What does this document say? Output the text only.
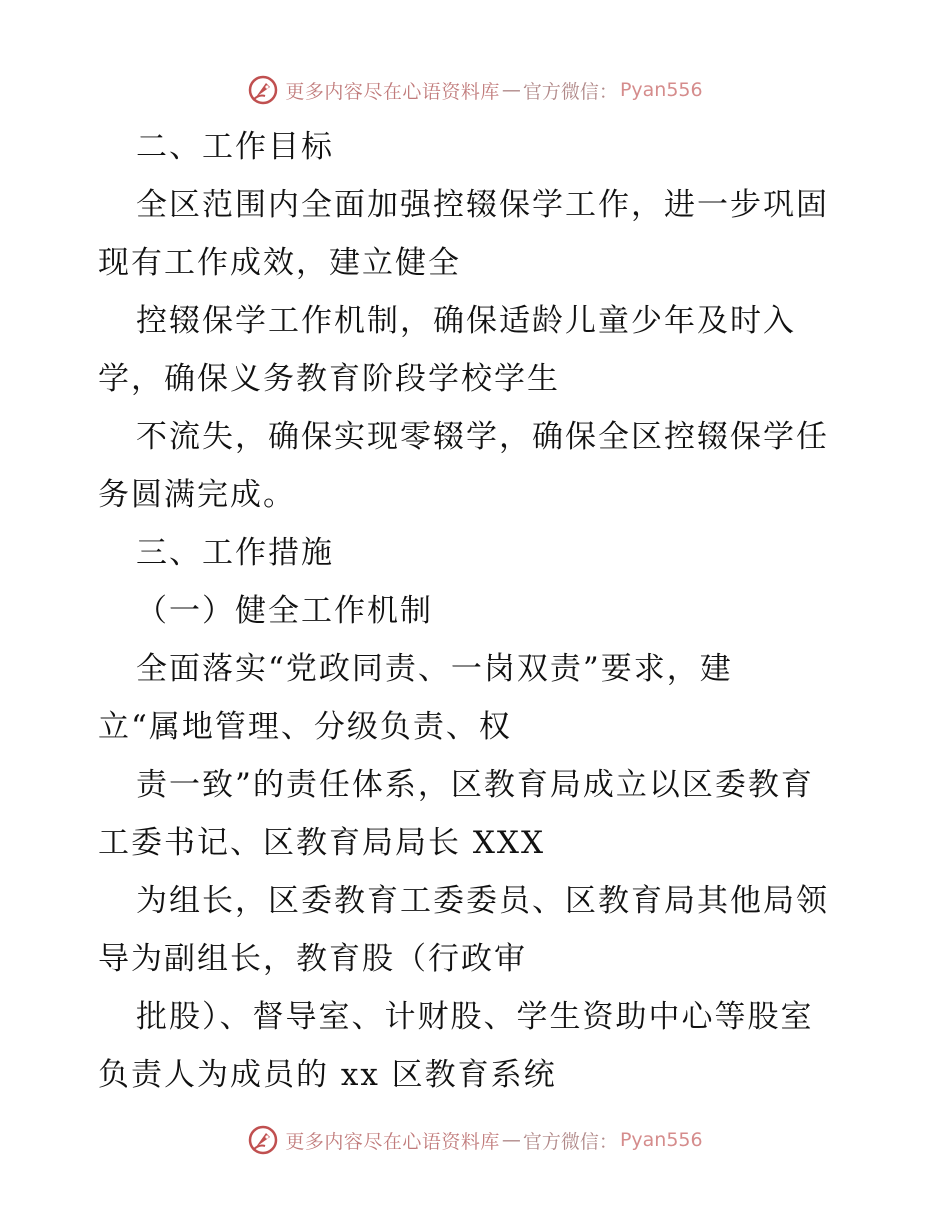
更多内容尽在心语资料库 — 官方微信： Pyan556
二、工作目标
全区范围内全面加强控辍保学工作，进一步巩固
现有工作成效，建立健全
控辍保学工作机制，确保适龄儿童少年及时入
学，确保义务教育阶段学校学生
不流失，确保实现零辍学，确保全区控辍保学任
务圆满完成。
三、工作措施
（一）健全工作机制
全面落实“党政同责、一岗双责”要求，建
立“属地管理、分级负责、权
责一致”的责任体系，区教育局成立以区委教育
工委书记、区教育局局长 XXX
为组长，区委教育工委委员、区教育局其他局领
导为副组长，教育股（行政审
批股）、督导室、计财股、学生资助中心等股室
负责人为成员的 xx 区教育系统
更多内容尽在心语资料库 — 官方微信： Pyan556
